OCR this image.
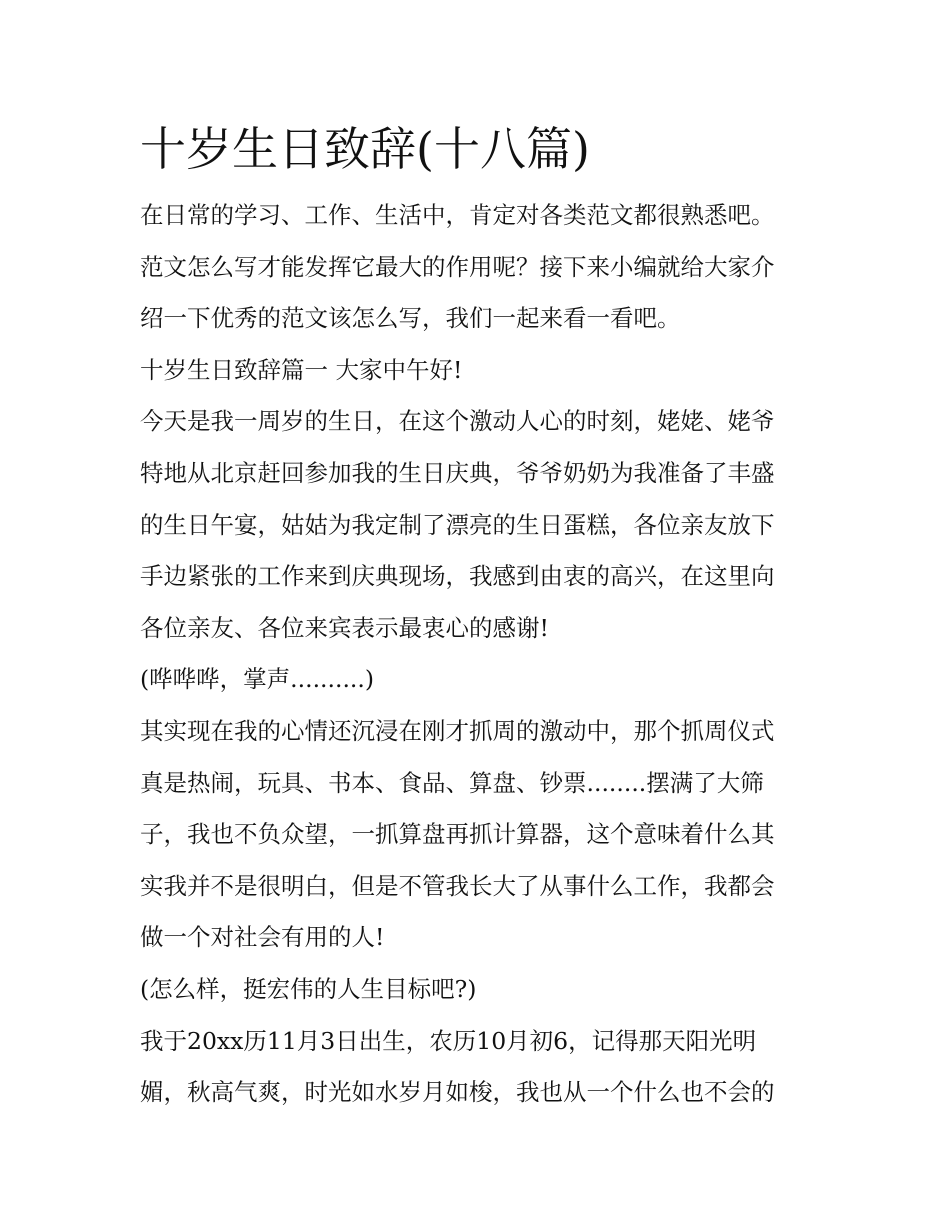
十岁生日致辞(十八篇)

在日常的学习、工作、生活中，肯定对各类范文都很熟悉吧。

范文怎么写才能发挥它最大的作用呢？接下来小编就给大家介

绍一下优秀的范文该怎么写，我们一起来看一看吧。

十岁生日致辞篇一 大家中午好!

今天是我一周岁的生日，在这个激动人心的时刻，姥姥、姥爷

特地从北京赶回参加我的生日庆典，爷爷奶奶为我准备了丰盛

的生日午宴，姑姑为我定制了漂亮的生日蛋糕，各位亲友放下

手边紧张的工作来到庆典现场，我感到由衷的高兴，在这里向

各位亲友、各位来宾表示最衷心的感谢!

(哗哗哗，掌声..........)

其实现在我的心情还沉浸在刚才抓周的激动中，那个抓周仪式

真是热闹，玩具、书本、食品、算盘、钞票........摆满了大筛

子，我也不负众望，一抓算盘再抓计算器，这个意味着什么其

实我并不是很明白，但是不管我长大了从事什么工作，我都会

做一个对社会有用的人!

(怎么样，挺宏伟的人生目标吧?)

我于20xx历11月3日出生，农历10月初6，记得那天阳光明

媚，秋高气爽，时光如水岁月如梭，我也从一个什么也不会的
